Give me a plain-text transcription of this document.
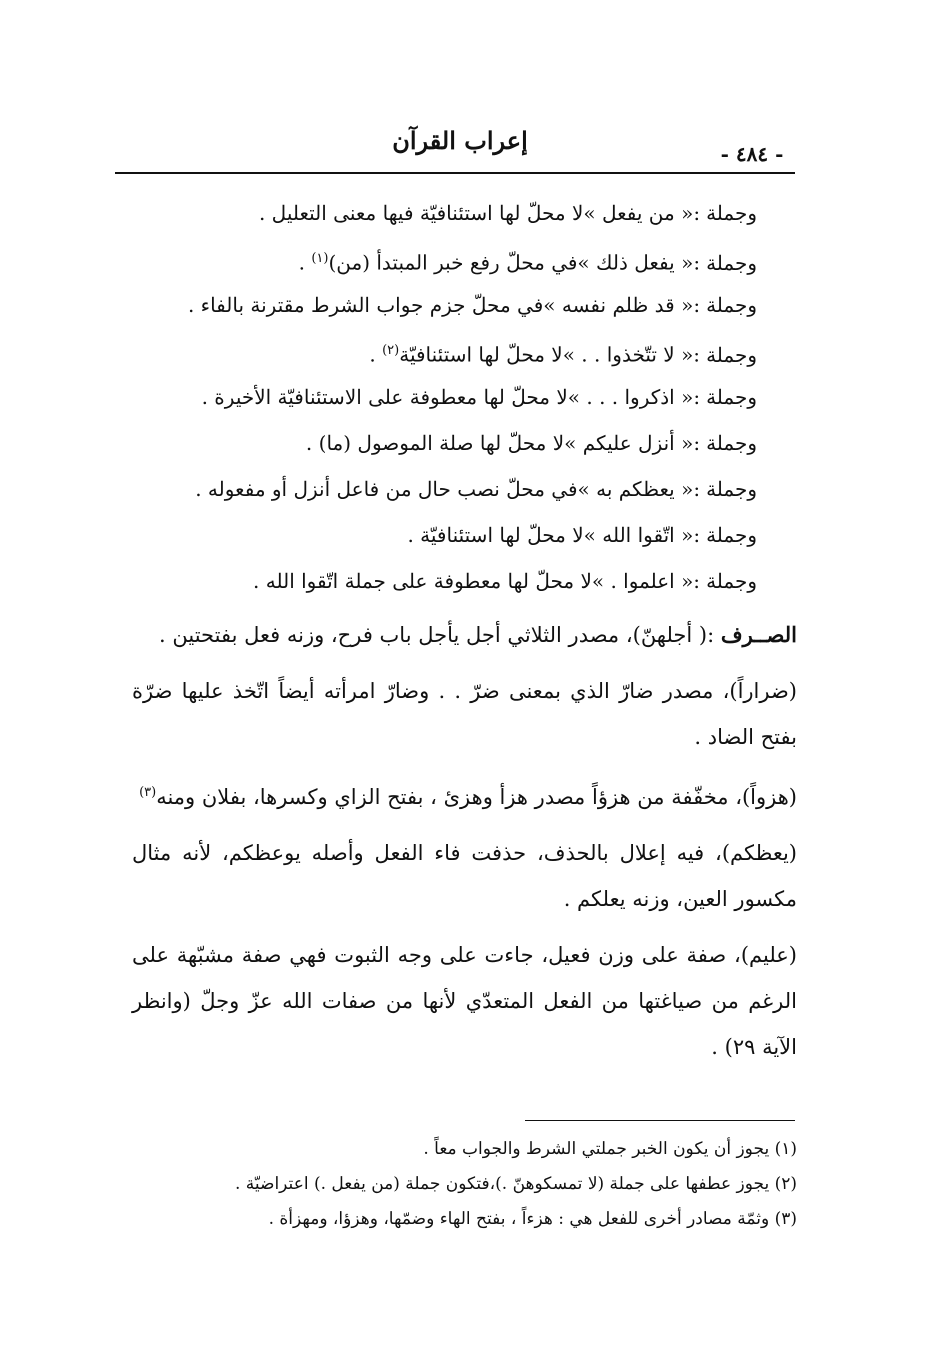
إعراب القرآن	- ٤٨٤ -
وجملة:« من يفعل »لا محلّ لها استئنافيّة فيها معنى التعليل .
وجملة:« يفعل ذلك »في محلّ رفع خبر المبتدأ (من)$^{(١)}$ .
وجملة:« قد ظلم نفسه »في محلّ جزم جواب الشرط مقترنة بالفاء .
وجملة:« لا تتّخذوا . . »لا محلّ لها استئنافيّة$^{(٢)}$ .
وجملة:« اذكروا . . . »لا محلّ لها معطوفة على الاستئنافيّة الأخيرة .
وجملة:« أنزل عليكم »لا محلّ لها صلة الموصول (ما) .
وجملة:« يعظكم به »في محلّ نصب حال من فاعل أنزل أو مفعوله .
وجملة:« اتّقوا الله »لا محلّ لها استئنافيّة .
وجملة:« اعلموا . »لا محلّ لها معطوفة على جملة اتّقوا الله .

الصــرف :( أجلهنّ)، مصدر الثلاثي أجل يأجل باب فرح، وزنه فعل بفتحتين .

(ضراراً)، مصدر ضارّ الذي بمعنى ضرّ . . وضارّ امرأته أيضاً اتّخذ عليها ضرّة بفتح الضاد .

(هزواً)، مخفّفة من هزؤاً مصدر هزأ وهزئ ، بفتح الزاي وكسرها، بفلان ومنه$^{(٣)}$

(يعظكم)، فيه إعلال بالحذف، حذفت فاء الفعل وأصله يوعظكم، لأنه مثال مكسور العين، وزنه يعلكم .

(عليم)، صفة على وزن فعيل، جاءت على وجه الثبوت فهي صفة مشبّهة على الرغم من صياغتها من الفعل المتعدّي لأنها من صفات الله عزّ وجلّ (وانظر الآية ٢٩) .

(١) يجوز أن يكون الخبر جملتي الشرط والجواب معاً .
(٢) يجوز عطفها على جملة (لا تمسكوهنّ .)،فتكون جملة (من يفعل .) اعتراضيّة .
(٣) وثمّة مصادر أخرى للفعل هي : هزءاً ، بفتح الهاء وضمّها، وهزؤا، ومهزأة .
